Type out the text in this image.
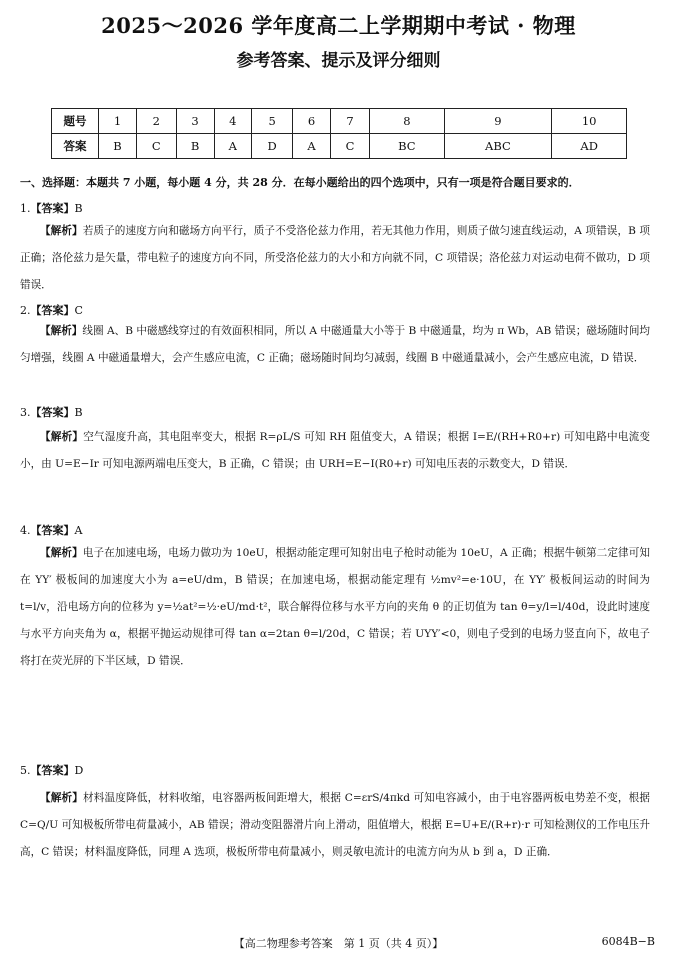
2025～2026 学年度高二上学期期中考试 · 物理
参考答案、提示及评分细则
题号	1	2	3	4	5	6	7	8	9	10
答案	B	C	B	A	D	A	C	BC	ABC	AD
一、选择题：本题共 7 小题，每小题 4 分，共 28 分．在每小题给出的四个选项中，只有一项是符合题目要求的．
1.【答案】B
【解析】若质子的速度方向和磁场方向平行，质子不受洛伦兹力作用，若无其他力作用，则质子做匀速直线运动，A 项错误，B 项正确；洛伦兹力是矢量，带电粒子的速度方向不同，所受洛伦兹力的大小和方向就不同，C 项错误；洛伦兹力对运动电荷不做功，D 项错误．
2.【答案】C
【解析】线圈 A、B 中磁感线穿过的有效面积相同，所以 A 中磁通量大小等于 B 中磁通量，均为 π Wb，AB 错误；磁场随时间均匀增强，线圈 A 中磁通量增大，会产生感应电流，C 正确；磁场随时间均匀减弱，线圈 B 中磁通量减小，会产生感应电流，D 错误．
3.【答案】B
【解析】空气湿度升高，其电阻率变大，根据 R=ρL/S 可知 RH 阻值变大，A 错误；根据 I=E/(RH+R0+r) 可知电路中电流变小，由 U=E−Ir 可知电源两端电压变大，B 正确，C 错误；由 URH=E−I(R0+r) 可知电压表的示数变大，D 错误．
4.【答案】A
【解析】电子在加速电场，电场力做功为 10eU，根据动能定理可知射出电子枪时动能为 10eU，A 正确；根据牛顿第二定律可知在 YY′ 极板间的加速度大小为 a=eU/dm，B 错误；在加速电场，根据动能定理有 ½mv²=e·10U，在 YY′ 极板间运动的时间为 t=l/v，沿电场方向的位移为 y=½at²=½·eU/md·t²，联合解得位移与水平方向的夹角 θ 的正切值为 tan θ=y/l=l/40d，设此时速度与水平方向夹角为 α，根据平抛运动规律可得 tan α=2tan θ=l/20d，C 错误；若 UYY′<0，则电子受到的电场力竖直向下，故电子将打在荧光屏的下半区域，D 错误．
5.【答案】D
【解析】材料温度降低，材料收缩，电容器两板间距增大，根据 C=εrS/4πkd 可知电容减小，由于电容器两板电势差不变，根据 C=Q/U 可知极板所带电荷量减小，AB 错误；滑动变阻器滑片向上滑动，阻值增大，根据 E=U+E/(R+r)·r 可知检测仪的工作电压升高，C 错误；材料温度降低，同理 A 选项，极板所带电荷量减小，则灵敏电流计的电流方向为从 b 到 a，D 正确．
【高二物理参考答案　第 1 页（共 4 页）】	6084B−B
